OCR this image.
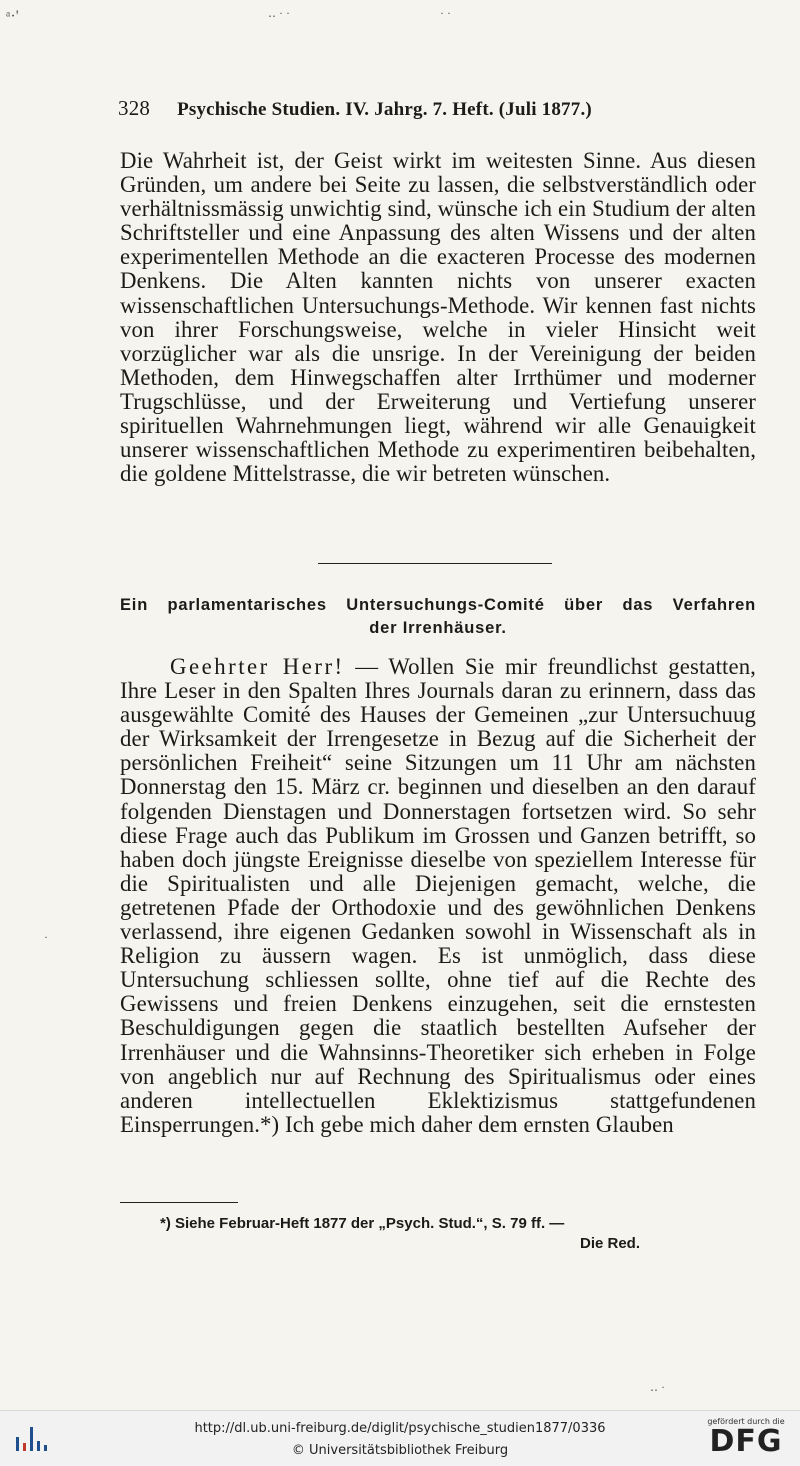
ᵃ·'	‥ · ·	· ·
·
‥ ·
328 Psychische Studien. IV. Jahrg. 7. Heft. (Juli 1877.)
Die Wahrheit ist, der Geist wirkt im weitesten Sinne. Aus diesen Gründen, um andere bei Seite zu lassen, die selbstverständlich oder verhältnissmässig unwichtig sind, wünsche ich ein Studium der alten Schriftsteller und eine Anpassung des alten Wissens und der alten experimentellen Methode an die exacteren Processe des modernen Denkens. Die Alten kannten nichts von unserer exacten wissenschaftlichen Untersuchungs-Methode. Wir kennen fast nichts von ihrer Forschungsweise, welche in vieler Hinsicht weit vorzüglicher war als die unsrige. In der Vereinigung der beiden Methoden, dem Hinwegschaffen alter Irrthümer und moderner Trugschlüsse, und der Erweiterung und Vertiefung unserer spirituellen Wahrnehmungen liegt, während wir alle Genauigkeit unserer wissenschaftlichen Methode zu experimentiren beibehalten, die goldene Mittelstrasse, die wir betreten wünschen.
Ein parlamentarisches Untersuchungs-Comité über das Verfahren
der Irrenhäuser.
Geehrter Herr! — Wollen Sie mir freundlichst gestatten, Ihre Leser in den Spalten Ihres Journals daran zu erinnern, dass das ausgewählte Comité des Hauses der Gemeinen „zur Untersuchuug der Wirksamkeit der Irrengesetze in Bezug auf die Sicherheit der persönlichen Freiheit“ seine Sitzungen um 11 Uhr am nächsten Donnerstag den 15. März cr. beginnen und dieselben an den darauf folgenden Dienstagen und Donnerstagen fortsetzen wird. So sehr diese Frage auch das Publikum im Grossen und Ganzen betrifft, so haben doch jüngste Ereignisse dieselbe von speziellem Interesse für die Spiritualisten und alle Diejenigen gemacht, welche, die getretenen Pfade der Orthodoxie und des gewöhnlichen Denkens verlassend, ihre eigenen Gedanken sowohl in Wissenschaft als in Religion zu äussern wagen. Es ist unmöglich, dass diese Untersuchung schliessen sollte, ohne tief auf die Rechte des Gewissens und freien Denkens einzugehen, seit die ernstesten Beschuldigungen gegen die staatlich bestellten Aufseher der Irrenhäuser und die Wahnsinns-Theoretiker sich erheben in Folge von angeblich nur auf Rechnung des Spiritualismus oder eines anderen intellectuellen Eklektizismus stattgefundenen Einsperrungen.*) Ich gebe mich daher dem ernsten Glauben
*) Siehe Februar-Heft 1877 der „Psych. Stud.“, S. 79 ff. —
Die Red.
http://dl.ub.uni-freiburg.de/diglit/psychische_studien1877/0336
© Universitätsbibliothek Freiburg
gefördert durch die
DFG
